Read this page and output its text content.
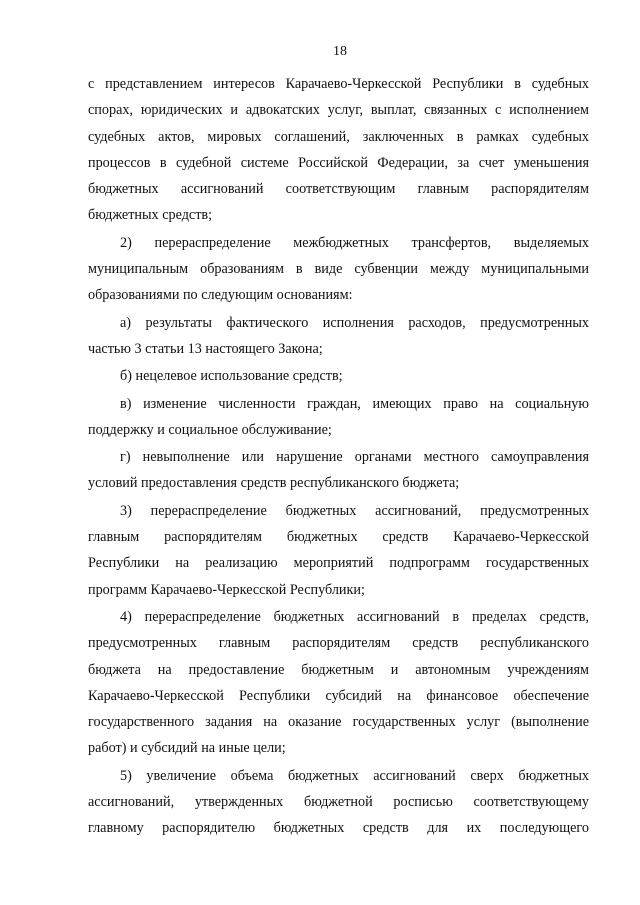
18
с представлением интересов Карачаево-Черкесской Республики в судебных
спорах, юридических и адвокатских услуг, выплат, связанных с исполнением
судебных актов, мировых соглашений, заключенных в рамках судебных
процессов в судебной системе Российской Федерации, за счет уменьшения
бюджетных ассигнований соответствующим главным распорядителям
бюджетных средств;
2) перераспределение межбюджетных трансфертов, выделяемых
муниципальным образованиям в виде субвенции между муниципальными
образованиями по следующим основаниям:
а) результаты фактического исполнения расходов, предусмотренных
частью 3 статьи 13 настоящего Закона;
б) нецелевое использование средств;
в) изменение численности граждан, имеющих право на социальную
поддержку и социальное обслуживание;
г) невыполнение или нарушение органами местного самоуправления
условий предоставления средств республиканского бюджета;
3) перераспределение бюджетных ассигнований, предусмотренных
главным распорядителям бюджетных средств Карачаево-Черкесской
Республики на реализацию мероприятий подпрограмм государственных
программ Карачаево-Черкесской Республики;
4) перераспределение бюджетных ассигнований в пределах средств,
предусмотренных главным распорядителям средств республиканского
бюджета на предоставление бюджетным и автономным учреждениям
Карачаево-Черкесской Республики субсидий на финансовое обеспечение
государственного задания на оказание государственных услуг (выполнение
работ) и субсидий на иные цели;
5) увеличение объема бюджетных ассигнований сверх бюджетных
ассигнований, утвержденных бюджетной росписью соответствующему
главному распорядителю бюджетных средств для их последующего
